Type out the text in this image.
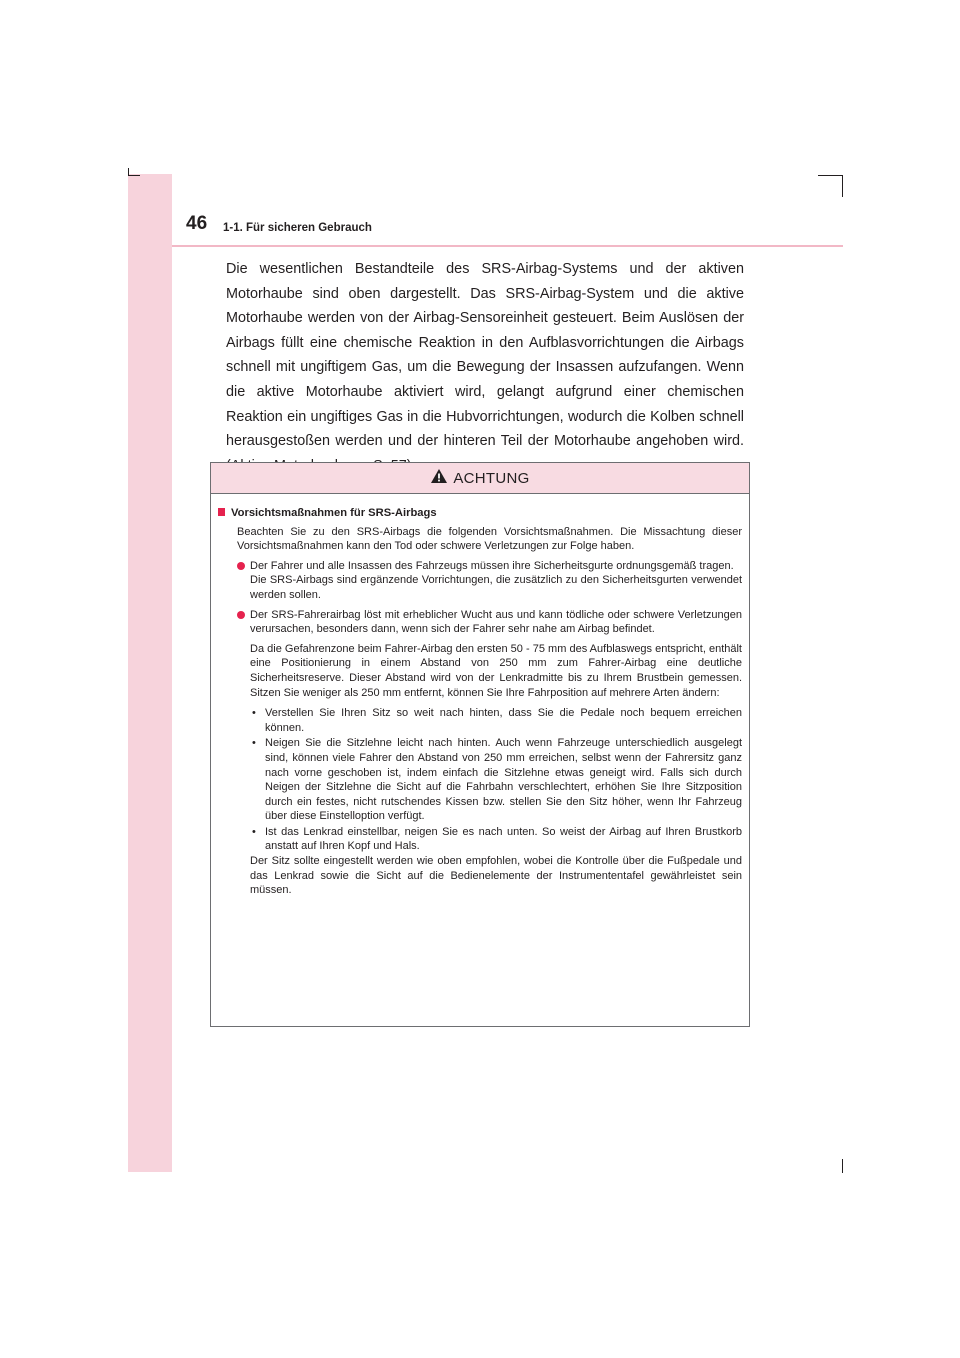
46 1-1. Für sicheren Gebrauch
Die wesentlichen Bestandteile des SRS-Airbag-Systems und der aktiven Motorhaube sind oben dargestellt. Das SRS-Airbag-System und die aktive Motorhaube werden von der Airbag-Sensoreinheit gesteuert. Beim Auslösen der Airbags füllt eine chemische Reaktion in den Aufblasvorrichtungen die Airbags schnell mit ungiftigem Gas, um die Bewegung der Insassen aufzufangen. Wenn die aktive Motorhaube aktiviert wird, gelangt aufgrund einer chemischen Reaktion ein ungiftiges Gas in die Hubvorrichtungen, wodurch die Kolben schnell herausgestoßen werden und der hinteren Teil der Motorhaube angehoben wird.
ACHTUNG
Vorsichtsmaßnahmen für SRS-Airbags
Beachten Sie zu den SRS-Airbags die folgenden Vorsichtsmaßnahmen. Die Missachtung dieser Vorsichtsmaßnahmen kann den Tod oder schwere Verletzungen zur Folge haben.

Der Fahrer und alle Insassen des Fahrzeugs müssen ihre Sicherheitsgurte ordnungsgemäß tragen.

Die SRS-Airbags sind ergänzende Vorrichtungen, die zusätzlich zu den Sicherheitsgurten verwendet werden sollen.

Der SRS-Fahrerairbag löst mit erheblicher Wucht aus und kann tödliche oder schwere Verletzungen verursachen, besonders dann, wenn sich der Fahrer sehr nahe am Airbag befindet.

Da die Gefahrenzone beim Fahrer-Airbag den ersten 50 - 75 mm des Aufblaswegs entspricht, enthält eine Positionierung in einem Abstand von 250 mm zum Fahrer-Airbag eine deutliche Sicherheitsreserve. Dieser Abstand wird von der Lenkradmitte bis zu Ihrem Brustbein gemessen. Sitzen Sie weniger als 250 mm entfernt, können Sie Ihre Fahrposition auf mehrere Arten ändern:

• Verstellen Sie Ihren Sitz so weit nach hinten, dass Sie die Pedale noch bequem erreichen können.
• Neigen Sie die Sitzlehne leicht nach hinten. Auch wenn Fahrzeuge unterschiedlich ausgelegt sind, können viele Fahrer den Abstand von 250 mm erreichen, selbst wenn der Fahrersitz ganz nach vorne geschoben ist, indem einfach die Sitzlehne etwas geneigt wird. Falls sich durch Neigen der Sitzlehne die Sicht auf die Fahrbahn verschlechtert, erhöhen Sie Ihre Sitzposition durch ein festes, nicht rutschendes Kissen bzw. stellen Sie den Sitz höher, wenn Ihr Fahrzeug über diese Einstelloption verfügt.
• Ist das Lenkrad einstellbar, neigen Sie es nach unten. So weist der Airbag auf Ihren Brustkorb anstatt auf Ihren Kopf und Hals.

Der Sitz sollte eingestellt werden wie oben empfohlen, wobei die Kontrolle über die Fußpedale und das Lenkrad sowie die Sicht auf die Bedienelemente der Instrumententafel gewährleistet sein müssen.
